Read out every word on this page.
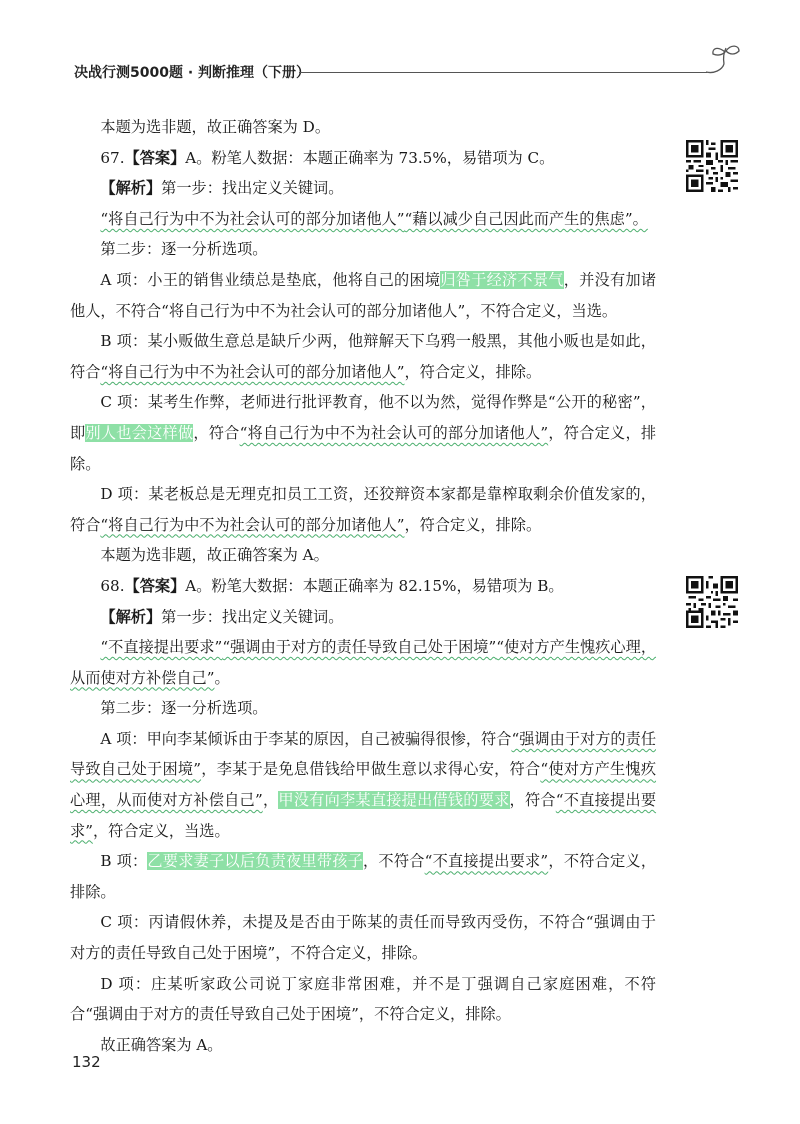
决战行测5000题 · 判断推理（下册）

本题为选非题，故正确答案为 D。

67.【答案】A。粉笔人数据：本题正确率为 73.5%，易错项为 C。

【解析】第一步：找出定义关键词。

“将自己行为中不为社会认可的部分加诸他人”“藉以减少自己因此而产生的焦虑”。

第二步：逐一分析选项。

A 项：小王的销售业绩总是垫底，他将自己的困境归咎于经济不景气，并没有加诸他人，不符合“将自己行为中不为社会认可的部分加诸他人”，不符合定义，当选。

B 项：某小贩做生意总是缺斤少两，他辩解天下乌鸦一般黑，其他小贩也是如此，符合“将自己行为中不为社会认可的部分加诸他人”，符合定义，排除。

C 项：某考生作弊，老师进行批评教育，他不以为然，觉得作弊是“公开的秘密”，即别人也会这样做，符合“将自己行为中不为社会认可的部分加诸他人”，符合定义，排除。

D 项：某老板总是无理克扣员工工资，还狡辩资本家都是靠榨取剩余价值发家的，符合“将自己行为中不为社会认可的部分加诸他人”，符合定义，排除。

本题为选非题，故正确答案为 A。

68.【答案】A。粉笔大数据：本题正确率为 82.15%，易错项为 B。

【解析】第一步：找出定义关键词。

“不直接提出要求”“强调由于对方的责任导致自己处于困境”“使对方产生愧疚心理，从而使对方补偿自己”。

第二步：逐一分析选项。

A 项：甲向李某倾诉由于李某的原因，自己被骗得很惨，符合“强调由于对方的责任导致自己处于困境”，李某于是免息借钱给甲做生意以求得心安，符合“使对方产生愧疚心理，从而使对方补偿自己”，甲没有向李某直接提出借钱的要求，符合“不直接提出要求”，符合定义，当选。

B 项：乙要求妻子以后负责夜里带孩子，不符合“不直接提出要求”，不符合定义，排除。

C 项：丙请假休养，未提及是否由于陈某的责任而导致丙受伤，不符合“强调由于对方的责任导致自己处于困境”，不符合定义，排除。

D 项：庄某听家政公司说丁家庭非常困难，并不是丁强调自己家庭困难，不符合“强调由于对方的责任导致自己处于困境”，不符合定义，排除。

故正确答案为 A。

132
